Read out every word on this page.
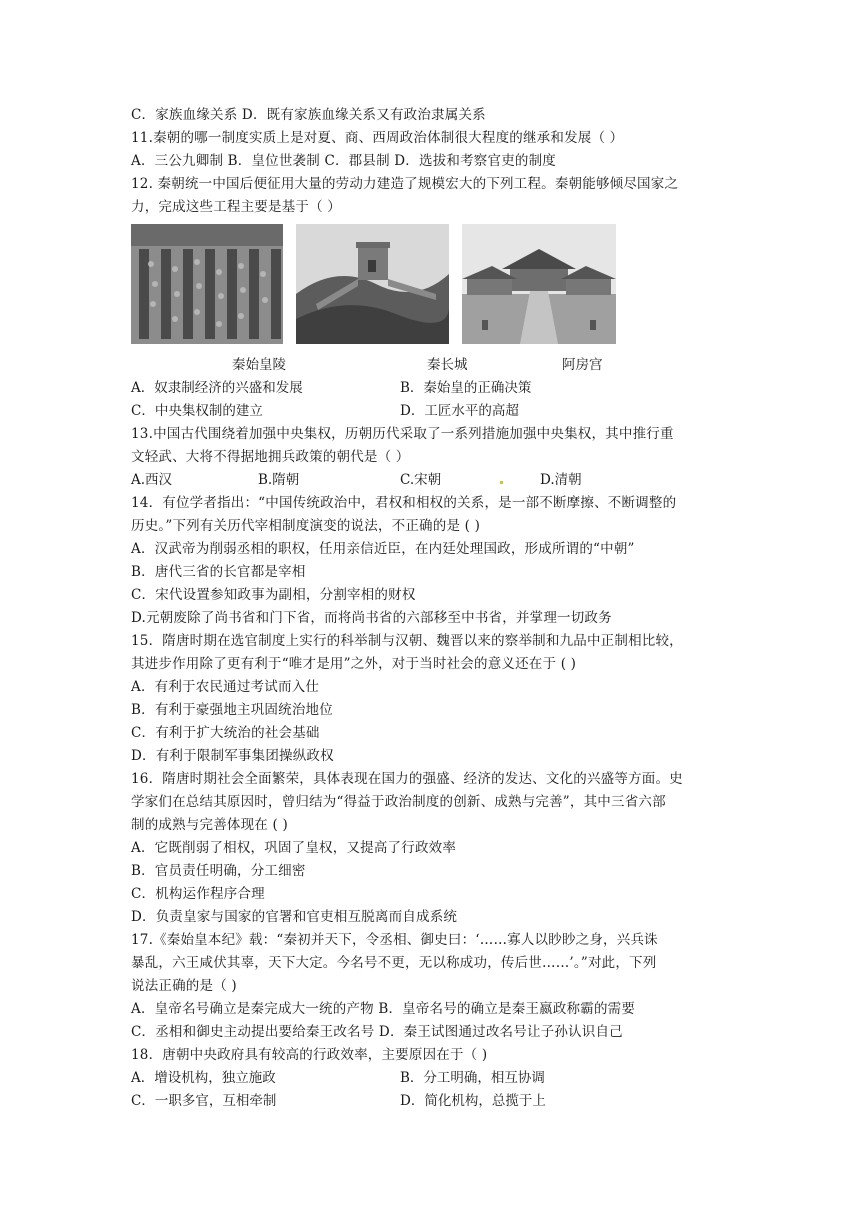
C．家族血缘关系 D．既有家族血缘关系又有政治隶属关系
11.秦朝的哪一制度实质上是对夏、商、西周政治体制很大程度的继承和发展（ ）
A．三公九卿制 B．皇位世袭制 C．郡县制 D．选拔和考察官吏的制度
12. 秦朝统一中国后便征用大量的劳动力建造了规模宏大的下列工程。秦朝能够倾尽国家之
力，完成这些工程主要是基于（ ）
秦始皇陵	秦长城	阿房宫
A．奴隶制经济的兴盛和发展	B．秦始皇的正确决策
C．中央集权制的建立	D．工匠水平的高超
13.中国古代围绕着加强中央集权，历朝历代采取了一系列措施加强中央集权，其中推行重
文轻武、大将不得据地拥兵政策的朝代是（ ）
A.西汉	B.隋朝	C.宋朝	D.清朝
14．有位学者指出：“中国传统政治中，君权和相权的关系，是一部不断摩擦、不断调整的
历史。”下列有关历代宰相制度演变的说法，不正确的是 ( )
A．汉武帝为削弱丞相的职权，任用亲信近臣，在内廷处理国政，形成所谓的“中朝”
B．唐代三省的长官都是宰相
C．宋代设置参知政事为副相，分割宰相的财权
D.元朝废除了尚书省和门下省，而将尚书省的六部移至中书省，并掌理一切政务
15．隋唐时期在选官制度上实行的科举制与汉朝、魏晋以来的察举制和九品中正制相比较，
其进步作用除了更有利于“唯才是用”之外，对于当时社会的意义还在于 ( )
A．有利于农民通过考试而入仕
B．有利于豪强地主巩固统治地位
C．有利于扩大统治的社会基础
D．有利于限制军事集团操纵政权
16．隋唐时期社会全面繁荣，具体表现在国力的强盛、经济的发达、文化的兴盛等方面。史
学家们在总结其原因时，曾归结为“得益于政治制度的创新、成熟与完善”，其中三省六部
制的成熟与完善体现在 ( )
A．它既削弱了相权，巩固了皇权，又提高了行政效率
B．官员责任明确，分工细密
C．机构运作程序合理
D．负责皇家与国家的官署和官吏相互脱离而自成系统
17.《秦始皇本纪》载：“秦初并天下，令丞相、御史曰：‘……寡人以眇眇之身，兴兵诛
暴乱，六王咸伏其辜，天下大定。今名号不更，无以称成功，传后世……’。”对此，下列
说法正确的是（ )
A．皇帝名号确立是秦完成大一统的产物 B．皇帝名号的确立是秦王嬴政称霸的需要
C．丞相和御史主动提出要给秦王改名号 D．秦王试图通过改名号让子孙认识自己
18．唐朝中央政府具有较高的行政效率，主要原因在于（ )
A．增设机构，独立施政	B．分工明确，相互协调
C．一职多官，互相牵制	D．简化机构，总揽于上
